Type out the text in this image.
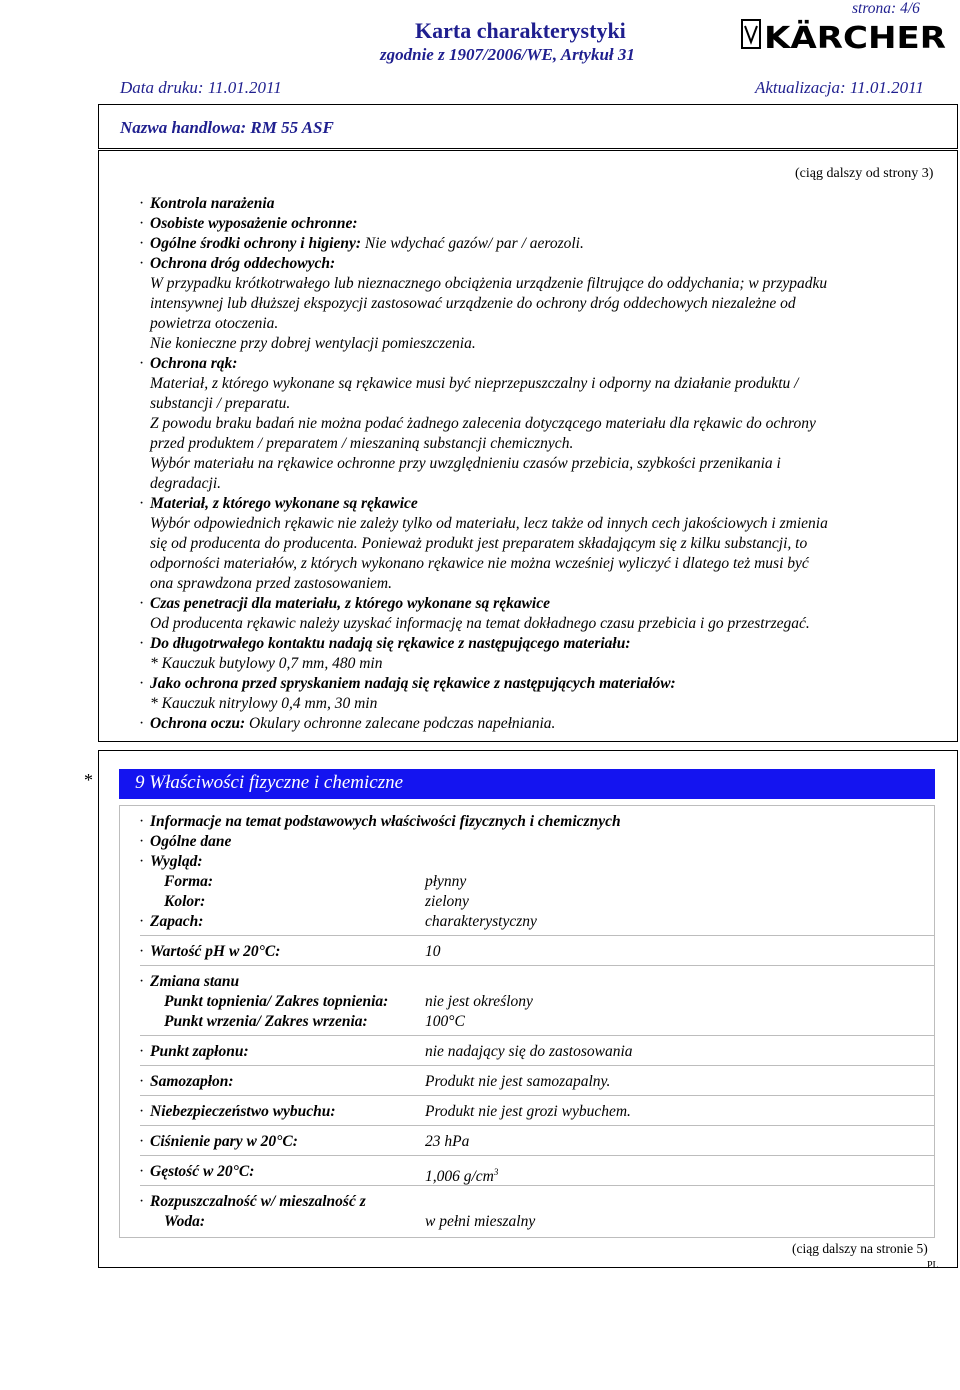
strona: 4/6
Karta charakterystyki
zgodnie z 1907/2006/WE, Artykuł 31	KÄRCHER
Data druku: 11.01.2011	Aktualizacja: 11.01.2011
Nazwa handlowa: RM 55 ASF
(ciąg dalszy od strony 3)
· Kontrola narażenia
· Osobiste wyposażenie ochronne:
· Ogólne środki ochrony i higieny: Nie wdychać gazów/ par / aerozoli.
· Ochrona dróg oddechowych:
W przypadku krótkotrwałego lub nieznacznego obciążenia urządzenie filtrujące do oddychania; w przypadku
intensywnej lub dłuższej ekspozycji zastosować urządzenie do ochrony dróg oddechowych niezależne od
powietrza otoczenia.
Nie konieczne przy dobrej wentylacji pomieszczenia.
· Ochrona rąk:
Materiał, z którego wykonane są rękawice musi być nieprzepuszczalny i odporny na działanie produktu /
substancji / preparatu.
Z powodu braku badań nie można podać żadnego zalecenia dotyczącego materiału dla rękawic do ochrony
przed produktem / preparatem / mieszaniną substancji chemicznych.
Wybór materiału na rękawice ochronne przy uwzględnieniu czasów przebicia, szybkości przenikania i
degradacji.
· Materiał, z którego wykonane są rękawice
Wybór odpowiednich rękawic nie zależy tylko od materiału, lecz także od innych cech jakościowych i zmienia
się od producenta do producenta. Ponieważ produkt jest preparatem składającym się z kilku substancji, to
odporności materiałów, z których wykonano rękawice nie można wcześniej wyliczyć i dlatego też musi być
ona sprawdzona przed zastosowaniem.
· Czas penetracji dla materiału, z którego wykonane są rękawice
Od producenta rękawic należy uzyskać informację na temat dokładnego czasu przebicia i go przestrzegać.
· Do długotrwałego kontaktu nadają się rękawice z następującego materiału:
* Kauczuk butylowy 0,7 mm, 480 min
· Jako ochrona przed spryskaniem nadają się rękawice z następujących materiałów:
* Kauczuk nitrylowy 0,4 mm, 30 min
· Ochrona oczu: Okulary ochronne zalecane podczas napełniania.
* 9 Właściwości fizyczne i chemiczne
· Informacje na temat podstawowych właściwości fizycznych i chemicznych
· Ogólne dane
· Wygląd:
Forma:	płynny
Kolor:	zielony
· Zapach:	charakterystyczny
· Wartość pH w 20°C:	10
· Zmiana stanu
Punkt topnienia/ Zakres topnienia: nie jest określony
Punkt wrzenia/ Zakres wrzenia:	100°C
· Punkt zapłonu:	nie nadający się do zastosowania
· Samozapłon:	Produkt nie jest samozapalny.
· Niebezpieczeństwo wybuchu:	Produkt nie jest grozi wybuchem.
· Ciśnienie pary w 20°C:	23 hPa
· Gęstość w 20°C:	1,006 $g/cm^3$
· Rozpuszczalność w/ mieszalność z
Woda:	w pełni mieszalny
(ciąg dalszy na stronie 5)
PL
